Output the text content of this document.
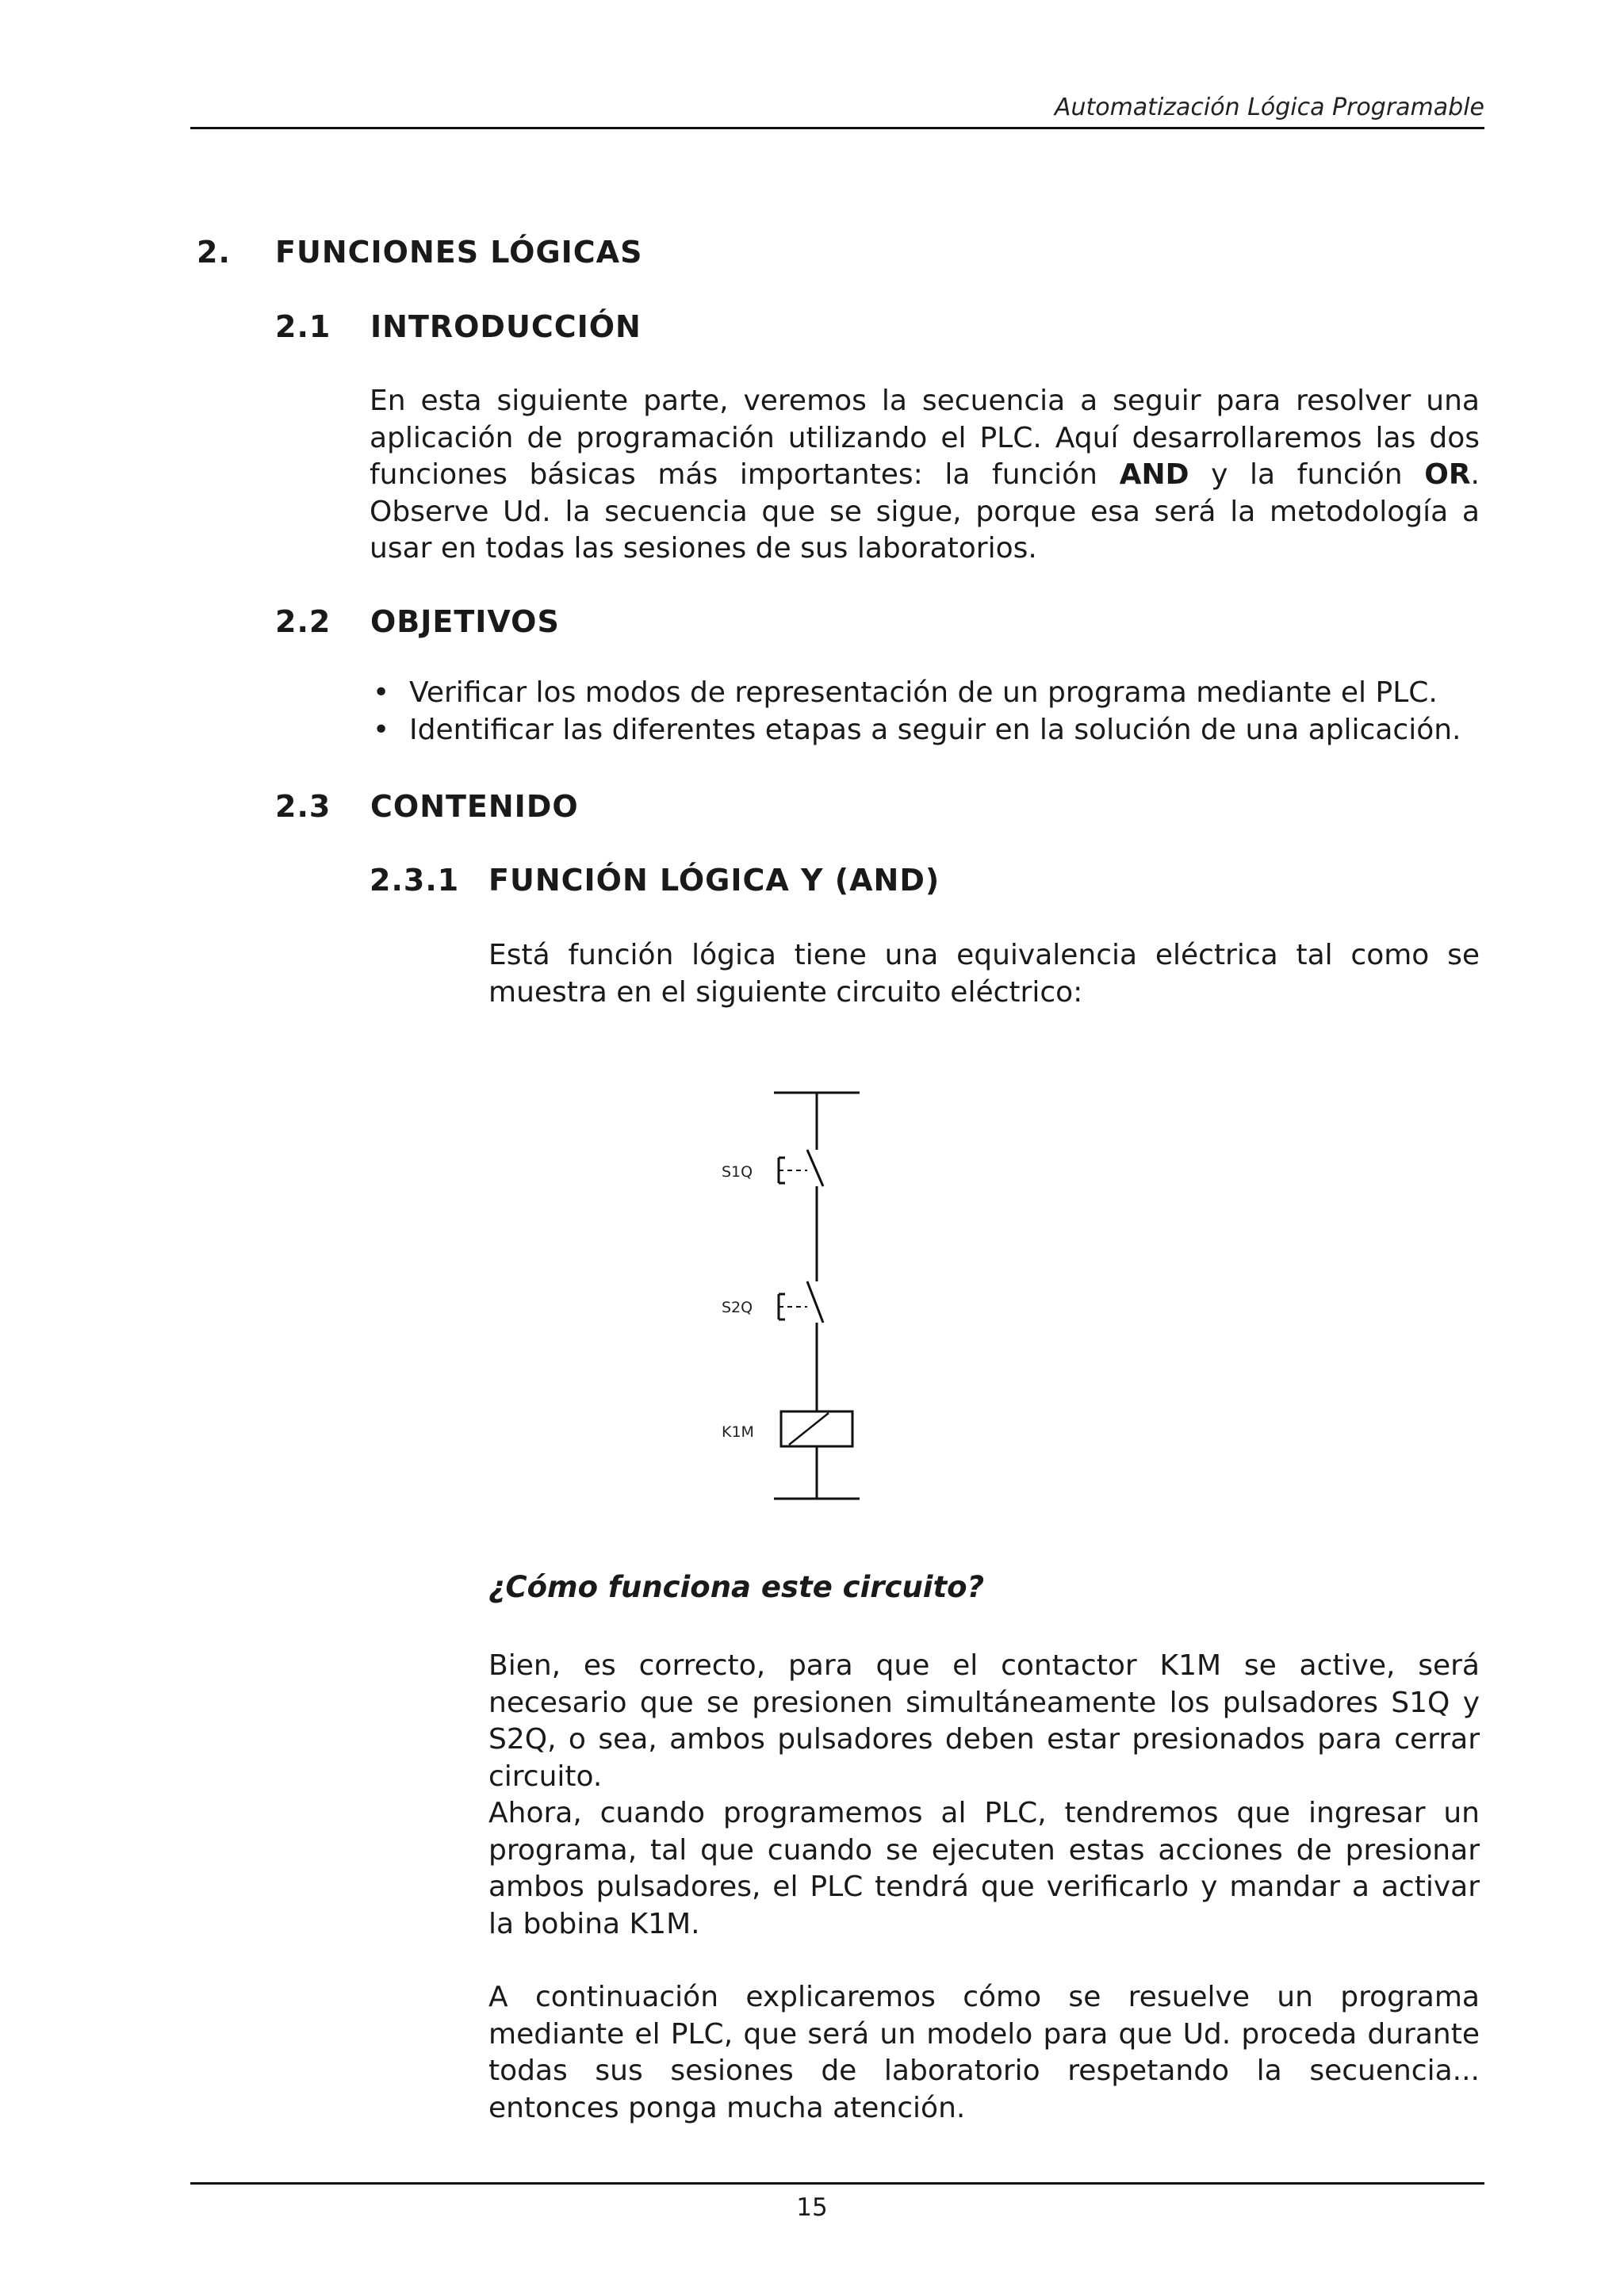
Automatización Lógica Programable
2. FUNCIONES LÓGICAS
2.1 INTRODUCCIÓN
En esta siguiente parte, veremos la secuencia a seguir para resolver una aplicación de programación utilizando el PLC. Aquí desarrollaremos las dos funciones básicas más importantes: la función AND y la función OR. Observe Ud. la secuencia que se sigue, porque esa será la metodología a usar en todas las sesiones de sus laboratorios.
2.2 OBJETIVOS
• Verificar los modos de representación de un programa mediante el PLC.
• Identificar las diferentes etapas a seguir en la solución de una aplicación.
2.3 CONTENIDO
2.3.1 FUNCIÓN LÓGICA Y (AND)
Está función lógica tiene una equivalencia eléctrica tal como se muestra en el siguiente circuito eléctrico:
S1Q
S2Q
K1M
¿Cómo funciona este circuito?
Bien, es correcto, para que el contactor K1M se active, será necesario que se presionen simultáneamente los pulsadores S1Q y S2Q, o sea, ambos pulsadores deben estar presionados para cerrar circuito.
Ahora, cuando programemos al PLC, tendremos que ingresar un programa, tal que cuando se ejecuten estas acciones de presionar ambos pulsadores, el PLC tendrá que verificarlo y mandar a activar la bobina K1M.
A continuación explicaremos cómo se resuelve un programa mediante el PLC, que será un modelo para que Ud. proceda durante todas sus sesiones de laboratorio respetando la secuencia... entonces ponga mucha atención.
15
